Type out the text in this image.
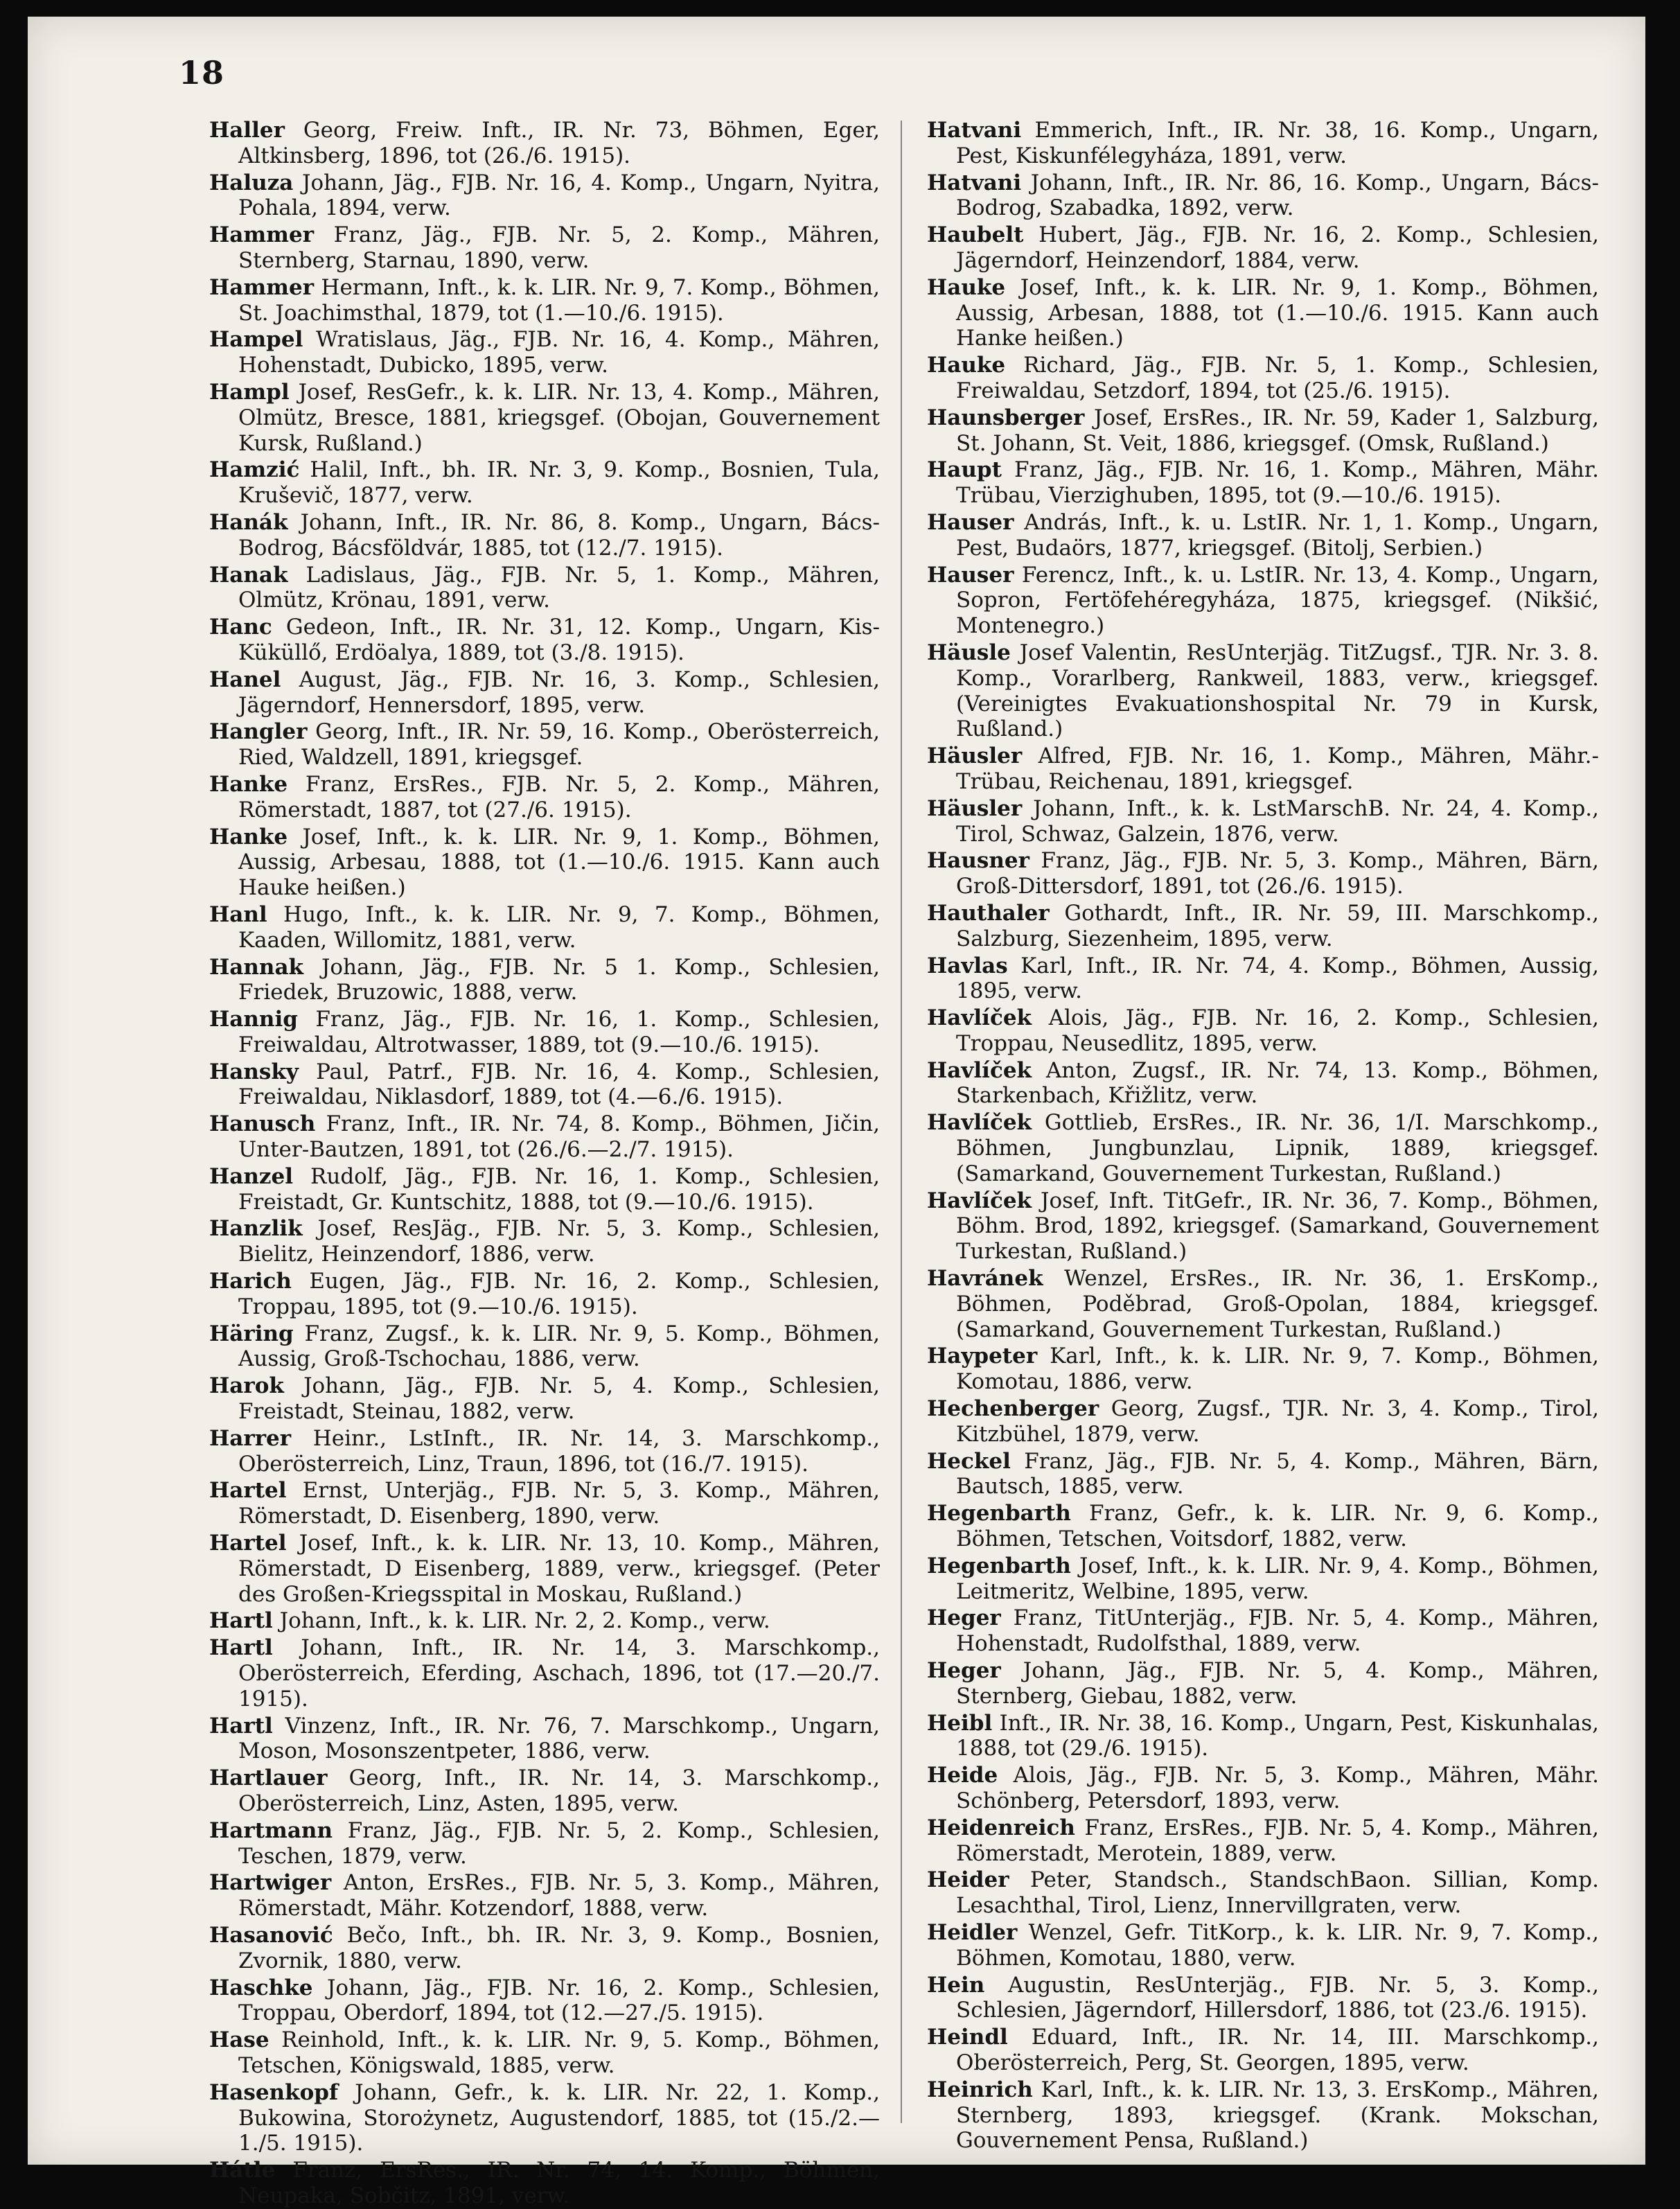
18

Haller Georg, Freiw. Inft., IR. Nr. 73, Böhmen, Eger, Altkinsberg, 1896, tot (26./6. 1915).

Haluza Johann, Jäg., FJB. Nr. 16, 4. Komp., Ungarn, Nyitra, Pohala, 1894, verw.

Hammer Franz, Jäg., FJB. Nr. 5, 2. Komp., Mähren, Sternberg, Starnau, 1890, verw.

Hammer Hermann, Inft., k. k. LIR. Nr. 9, 7. Komp., Böhmen, St. Joachimsthal, 1879, tot (1.—10./6. 1915).

Hampel Wratislaus, Jäg., FJB. Nr. 16, 4. Komp., Mähren, Hohenstadt, Dubicko, 1895, verw.

Hampl Josef, ResGefr., k. k. LIR. Nr. 13, 4. Komp., Mähren, Olmütz, Bresce, 1881, kriegsgef. (Obojan, Gouvernement Kursk, Rußland.)

Hamzić Halil, Inft., bh. IR. Nr. 3, 9. Komp., Bosnien, Tula, Kruševič, 1877, verw.

Hanák Johann, Inft., IR. Nr. 86, 8. Komp., Ungarn, Bács-Bodrog, Bácsföldvár, 1885, tot (12./7. 1915).

Hanak Ladislaus, Jäg., FJB. Nr. 5, 1. Komp., Mähren, Olmütz, Krönau, 1891, verw.

Hanc Gedeon, Inft., IR. Nr. 31, 12. Komp., Ungarn, Kis-Küküllő, Erdöalya, 1889, tot (3./8. 1915).

Hanel August, Jäg., FJB. Nr. 16, 3. Komp., Schlesien, Jägerndorf, Hennersdorf, 1895, verw.

Hangler Georg, Inft., IR. Nr. 59, 16. Komp., Oberösterreich, Ried, Waldzell, 1891, kriegsgef.

Hanke Franz, ErsRes., FJB. Nr. 5, 2. Komp., Mähren, Römerstadt, 1887, tot (27./6. 1915).

Hanke Josef, Inft., k. k. LIR. Nr. 9, 1. Komp., Böhmen, Aussig, Arbesau, 1888, tot (1.—10./6. 1915. Kann auch Hauke heißen.)

Hanl Hugo, Inft., k. k. LIR. Nr. 9, 7. Komp., Böhmen, Kaaden, Willomitz, 1881, verw.

Hannak Johann, Jäg., FJB. Nr. 5 1. Komp., Schlesien, Friedek, Bruzowic, 1888, verw.

Hannig Franz, Jäg., FJB. Nr. 16, 1. Komp., Schlesien, Freiwaldau, Altrotwasser, 1889, tot (9.—10./6. 1915).

Hansky Paul, Patrf., FJB. Nr. 16, 4. Komp., Schlesien, Freiwaldau, Niklasdorf, 1889, tot (4.—6./6. 1915).

Hanusch Franz, Inft., IR. Nr. 74, 8. Komp., Böhmen, Jičin, Unter-Bautzen, 1891, tot (26./6.—2./7. 1915).

Hanzel Rudolf, Jäg., FJB. Nr. 16, 1. Komp., Schlesien, Freistadt, Gr. Kuntschitz, 1888, tot (9.—10./6. 1915).

Hanzlik Josef, ResJäg., FJB. Nr. 5, 3. Komp., Schlesien, Bielitz, Heinzendorf, 1886, verw.

Harich Eugen, Jäg., FJB. Nr. 16, 2. Komp., Schlesien, Troppau, 1895, tot (9.—10./6. 1915).

Häring Franz, Zugsf., k. k. LIR. Nr. 9, 5. Komp., Böhmen, Aussig, Groß-Tschochau, 1886, verw.

Harok Johann, Jäg., FJB. Nr. 5, 4. Komp., Schlesien, Freistadt, Steinau, 1882, verw.

Harrer Heinr., LstInft., IR. Nr. 14, 3. Marschkomp., Oberösterreich, Linz, Traun, 1896, tot (16./7. 1915).

Hartel Ernst, Unterjäg., FJB. Nr. 5, 3. Komp., Mähren, Römerstadt, D. Eisenberg, 1890, verw.

Hartel Josef, Inft., k. k. LIR. Nr. 13, 10. Komp., Mähren, Römerstadt, D Eisenberg, 1889, verw., kriegsgef. (Peter des Großen-Kriegsspital in Moskau, Rußland.)

Hartl Johann, Inft., k. k. LIR. Nr. 2, 2. Komp., verw.

Hartl Johann, Inft., IR. Nr. 14, 3. Marschkomp., Oberösterreich, Eferding, Aschach, 1896, tot (17.—20./7. 1915).

Hartl Vinzenz, Inft., IR. Nr. 76, 7. Marschkomp., Ungarn, Moson, Mosonszentpeter, 1886, verw.

Hartlauer Georg, Inft., IR. Nr. 14, 3. Marschkomp., Oberösterreich, Linz, Asten, 1895, verw.

Hartmann Franz, Jäg., FJB. Nr. 5, 2. Komp., Schlesien, Teschen, 1879, verw.

Hartwiger Anton, ErsRes., FJB. Nr. 5, 3. Komp., Mähren, Römerstadt, Mähr. Kotzendorf, 1888, verw.

Hasanović Bečo, Inft., bh. IR. Nr. 3, 9. Komp., Bosnien, Zvornik, 1880, verw.

Haschke Johann, Jäg., FJB. Nr. 16, 2. Komp., Schlesien, Troppau, Oberdorf, 1894, tot (12.—27./5. 1915).

Hase Reinhold, Inft., k. k. LIR. Nr. 9, 5. Komp., Böhmen, Tetschen, Königswald, 1885, verw.

Hasenkopf Johann, Gefr., k. k. LIR. Nr. 22, 1. Komp., Bukowina, Storożynetz, Augustendorf, 1885, tot (15./2.—1./5. 1915).

Hátle Franz, ErsRes., IR. Nr. 74, 14. Komp., Böhmen, Neupaka, Sobčitz, 1891, verw.

Hatvani Emmerich, Inft., IR. Nr. 38, 16. Komp., Ungarn, Pest, Kiskunfélegyháza, 1891, verw.

Hatvani Johann, Inft., IR. Nr. 86, 16. Komp., Ungarn, Bács-Bodrog, Szabadka, 1892, verw.

Haubelt Hubert, Jäg., FJB. Nr. 16, 2. Komp., Schlesien, Jägerndorf, Heinzendorf, 1884, verw.

Hauke Josef, Inft., k. k. LIR. Nr. 9, 1. Komp., Böhmen, Aussig, Arbesan, 1888, tot (1.—10./6. 1915. Kann auch Hanke heißen.)

Hauke Richard, Jäg., FJB. Nr. 5, 1. Komp., Schlesien, Freiwaldau, Setzdorf, 1894, tot (25./6. 1915).

Haunsberger Josef, ErsRes., IR. Nr. 59, Kader 1, Salzburg, St. Johann, St. Veit, 1886, kriegsgef. (Omsk, Rußland.)

Haupt Franz, Jäg., FJB. Nr. 16, 1. Komp., Mähren, Mähr. Trübau, Vierzighuben, 1895, tot (9.—10./6. 1915).

Hauser András, Inft., k. u. LstIR. Nr. 1, 1. Komp., Ungarn, Pest, Budaörs, 1877, kriegsgef. (Bitolj, Serbien.)

Hauser Ferencz, Inft., k. u. LstIR. Nr. 13, 4. Komp., Ungarn, Sopron, Fertöfehéregyháza, 1875, kriegsgef. (Nikšić, Montenegro.)

Häusle Josef Valentin, ResUnterjäg. TitZugsf., TJR. Nr. 3. 8. Komp., Vorarlberg, Rankweil, 1883, verw., kriegsgef. (Vereinigtes Evakuationshospital Nr. 79 in Kursk, Rußland.)

Häusler Alfred, FJB. Nr. 16, 1. Komp., Mähren, Mähr.-Trübau, Reichenau, 1891, kriegsgef.

Häusler Johann, Inft., k. k. LstMarschB. Nr. 24, 4. Komp., Tirol, Schwaz, Galzein, 1876, verw.

Hausner Franz, Jäg., FJB. Nr. 5, 3. Komp., Mähren, Bärn, Groß-Dittersdorf, 1891, tot (26./6. 1915).

Hauthaler Gothardt, Inft., IR. Nr. 59, III. Marschkomp., Salzburg, Siezenheim, 1895, verw.

Havlas Karl, Inft., IR. Nr. 74, 4. Komp., Böhmen, Aussig, 1895, verw.

Havlíček Alois, Jäg., FJB. Nr. 16, 2. Komp., Schlesien, Troppau, Neusedlitz, 1895, verw.

Havlíček Anton, Zugsf., IR. Nr. 74, 13. Komp., Böhmen, Starkenbach, Křižlitz, verw.

Havlíček Gottlieb, ErsRes., IR. Nr. 36, 1/I. Marschkomp., Böhmen, Jungbunzlau, Lipnik, 1889, kriegsgef. (Samarkand, Gouvernement Turkestan, Rußland.)

Havlíček Josef, Inft. TitGefr., IR. Nr. 36, 7. Komp., Böhmen, Böhm. Brod, 1892, kriegsgef. (Samarkand, Gouvernement Turkestan, Rußland.)

Havránek Wenzel, ErsRes., IR. Nr. 36, 1. ErsKomp., Böhmen, Poděbrad, Groß-Opolan, 1884, kriegsgef. (Samarkand, Gouvernement Turkestan, Rußland.)

Haypeter Karl, Inft., k. k. LIR. Nr. 9, 7. Komp., Böhmen, Komotau, 1886, verw.

Hechenberger Georg, Zugsf., TJR. Nr. 3, 4. Komp., Tirol, Kitzbühel, 1879, verw.

Heckel Franz, Jäg., FJB. Nr. 5, 4. Komp., Mähren, Bärn, Bautsch, 1885, verw.

Hegenbarth Franz, Gefr., k. k. LIR. Nr. 9, 6. Komp., Böhmen, Tetschen, Voitsdorf, 1882, verw.

Hegenbarth Josef, Inft., k. k. LIR. Nr. 9, 4. Komp., Böhmen, Leitmeritz, Welbine, 1895, verw.

Heger Franz, TitUnterjäg., FJB. Nr. 5, 4. Komp., Mähren, Hohenstadt, Rudolfsthal, 1889, verw.

Heger Johann, Jäg., FJB. Nr. 5, 4. Komp., Mähren, Sternberg, Giebau, 1882, verw.

Heibl Inft., IR. Nr. 38, 16. Komp., Ungarn, Pest, Kiskunhalas, 1888, tot (29./6. 1915).

Heide Alois, Jäg., FJB. Nr. 5, 3. Komp., Mähren, Mähr. Schönberg, Petersdorf, 1893, verw.

Heidenreich Franz, ErsRes., FJB. Nr. 5, 4. Komp., Mähren, Römerstadt, Merotein, 1889, verw.

Heider Peter, Standsch., StandschBaon. Sillian, Komp. Lesachthal, Tirol, Lienz, Innervillgraten, verw.

Heidler Wenzel, Gefr. TitKorp., k. k. LIR. Nr. 9, 7. Komp., Böhmen, Komotau, 1880, verw.

Hein Augustin, ResUnterjäg., FJB. Nr. 5, 3. Komp., Schlesien, Jägerndorf, Hillersdorf, 1886, tot (23./6. 1915).

Heindl Eduard, Inft., IR. Nr. 14, III. Marschkomp., Oberösterreich, Perg, St. Georgen, 1895, verw.

Heinrich Karl, Inft., k. k. LIR. Nr. 13, 3. ErsKomp., Mähren, Sternberg, 1893, kriegsgef. (Krank. Mokschan, Gouvernement Pensa, Rußland.)
